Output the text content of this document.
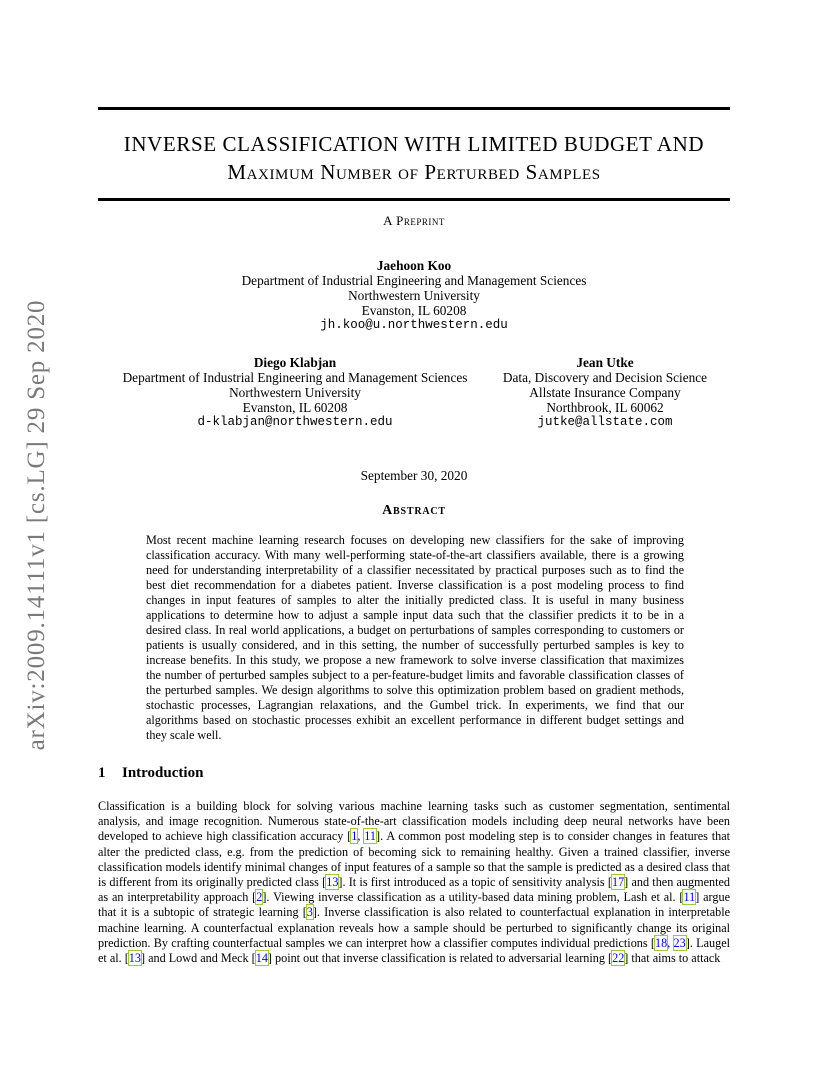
INVERSE CLASSIFICATION WITH LIMITED BUDGET AND
Maximum Number of Perturbed Samples
A Preprint
Jaehoon Koo
Department of Industrial Engineering and Management Sciences
Northwestern University
Evanston, IL 60208
jh.koo@u.northwestern.edu
Diego Klabjan
Department of Industrial Engineering and Management Sciences
Northwestern University
Evanston, IL 60208
d-klabjan@northwestern.edu
Jean Utke
Data, Discovery and Decision Science
Allstate Insurance Company
Northbrook, IL 60062
jutke@allstate.com
September 30, 2020
Abstract

Most recent machine learning research focuses on developing new classifiers for the sake of improving classification accuracy. With many well-performing state-of-the-art classifiers available, there is a growing need for understanding interpretability of a classifier necessitated by practical purposes such as to find the best diet recommendation for a diabetes patient. Inverse classification is a post modeling process to find changes in input features of samples to alter the initially predicted class. It is useful in many business applications to determine how to adjust a sample input data such that the classifier predicts it to be in a desired class. In real world applications, a budget on perturbations of samples corresponding to customers or patients is usually considered, and in this setting, the number of successfully perturbed samples is key to increase benefits. In this study, we propose a new framework to solve inverse classification that maximizes the number of perturbed samples subject to a per-feature-budget limits and favorable classification classes of the perturbed samples. We design algorithms to solve this optimization problem based on gradient methods, stochastic processes, Lagrangian relaxations, and the Gumbel trick. In experiments, we find that our algorithms based on stochastic processes exhibit an excellent performance in different budget settings and they scale well.

1 Introduction

Classification is a building block for solving various machine learning tasks such as customer segmentation, sentimental analysis, and image recognition. Numerous state-of-the-art classification models including deep neural networks have been developed to achieve high classification accuracy [1, 11]. A common post modeling step is to consider changes in features that alter the predicted class, e.g. from the prediction of becoming sick to remaining healthy. Given a trained classifier, inverse classification models identify minimal changes of input features of a sample so that the sample is predicted as a desired class that is different from its originally predicted class [13]. It is first introduced as a topic of sensitivity analysis [17] and then augmented as an interpretability approach [2]. Viewing inverse classification as a utility-based data mining problem, Lash et al. [11] argue that it is a subtopic of strategic learning [3]. Inverse classification is also related to counterfactual explanation in interpretable machine learning. A counterfactual explanation reveals how a sample should be perturbed to significantly change its original prediction. By crafting counterfactual samples we can interpret how a classifier computes individual predictions [18, 23]. Laugel et al. [13] and Lowd and Meck [14] point out that inverse classification is related to adversarial learning [22] that aims to attack

arXiv:2009.14111v1 [cs.LG] 29 Sep 2020
